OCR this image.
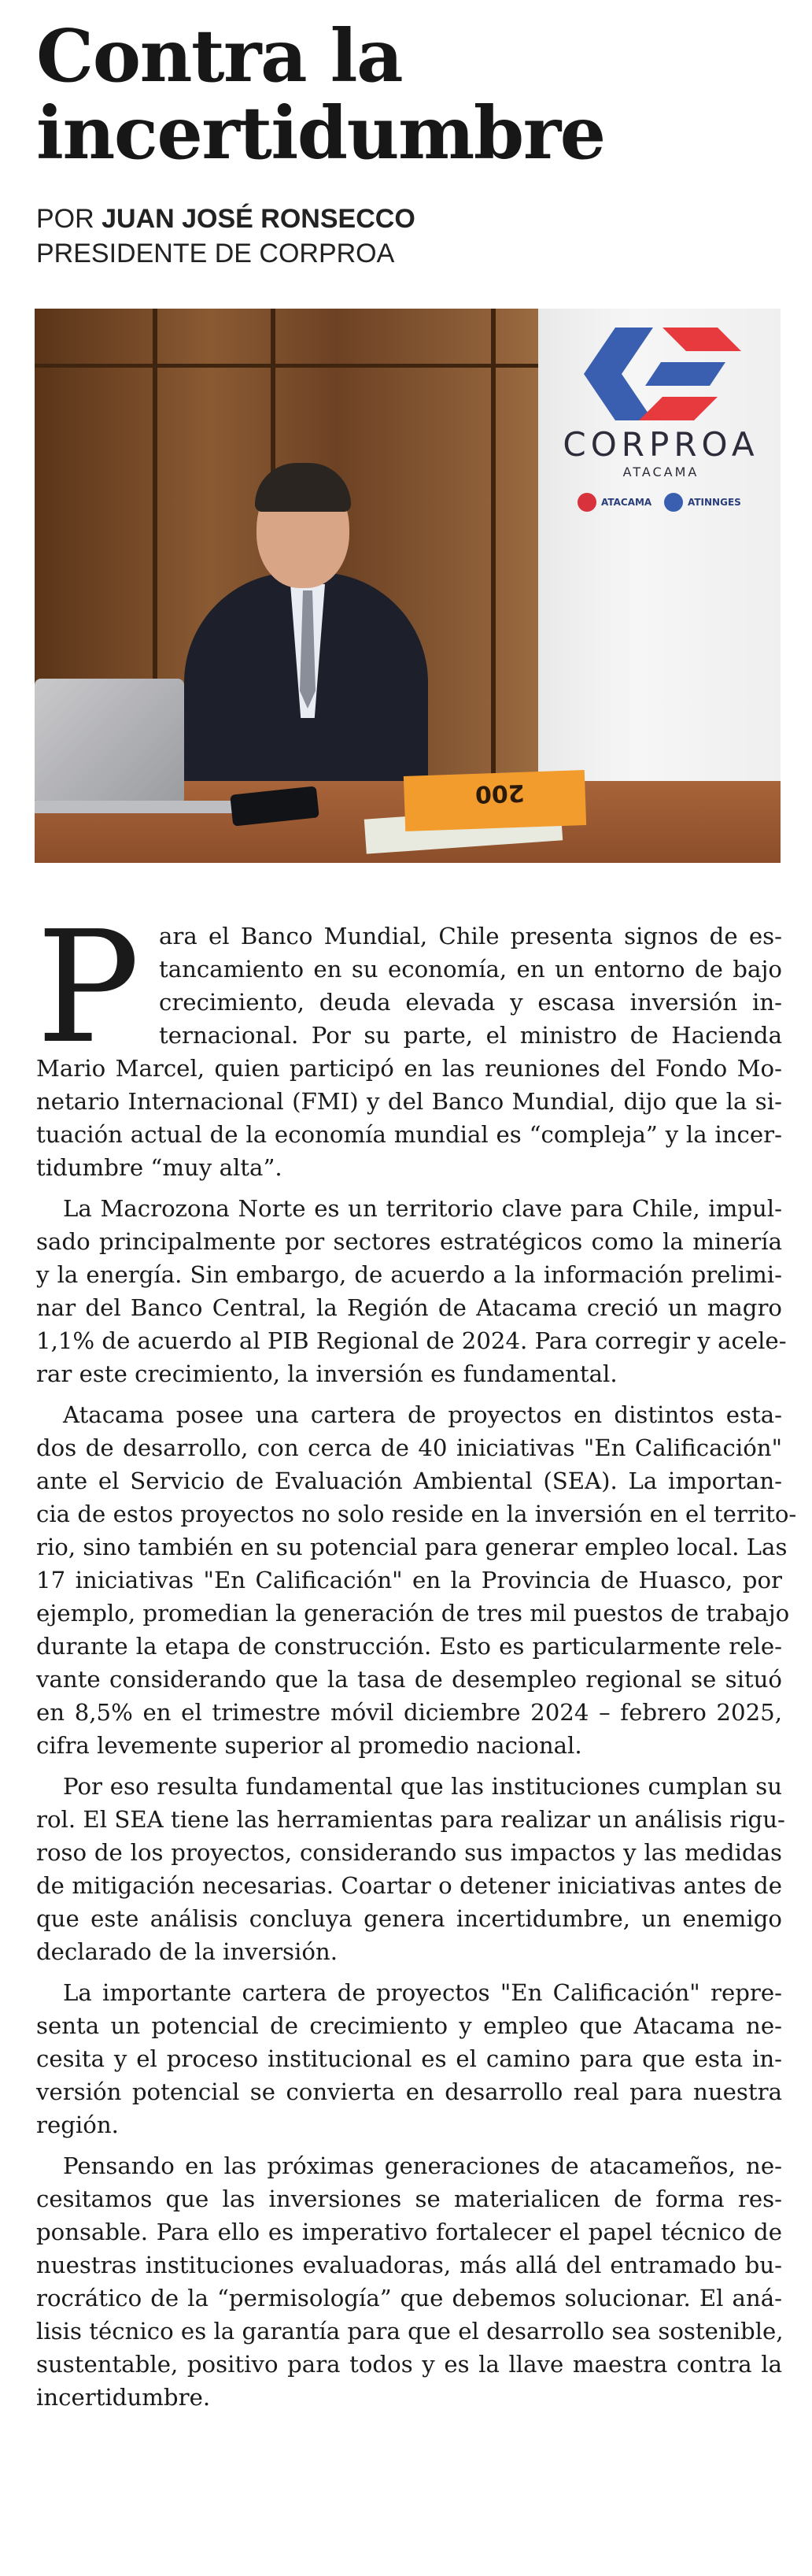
Contra la
incertidumbre
POR JUAN JOSÉ RONSECCO
PRESIDENTE DE CORPROA
CORPROA
ATACAMA
ATACAMA	ATINNGES
200
P ara el Banco Mundial, Chile presenta signos de es-
tancamiento en su economía, en un entorno de bajo
crecimiento, deuda elevada y escasa inversión in-
ternacional. Por su parte, el ministro de Hacienda
Mario Marcel, quien participó en las reuniones del Fondo Mo-
netario Internacional (FMI) y del Banco Mundial, dijo que la si-
tuación actual de la economía mundial es “compleja” y la incer-
tidumbre “muy alta”.
La Macrozona Norte es un territorio clave para Chile, impul-
sado principalmente por sectores estratégicos como la minería
y la energía. Sin embargo, de acuerdo a la información prelimi-
nar del Banco Central, la Región de Atacama creció un magro
1,1% de acuerdo al PIB Regional de 2024. Para corregir y acele-
rar este crecimiento, la inversión es fundamental.
Atacama posee una cartera de proyectos en distintos esta-
dos de desarrollo, con cerca de 40 iniciativas "En Calificación"
ante el Servicio de Evaluación Ambiental (SEA). La importan-
cia de estos proyectos no solo reside en la inversión en el territo-
rio, sino también en su potencial para generar empleo local. Las
17 iniciativas "En Calificación" en la Provincia de Huasco, por
ejemplo, promedian la generación de tres mil puestos de trabajo
durante la etapa de construcción. Esto es particularmente rele-
vante considerando que la tasa de desempleo regional se situó
en 8,5% en el trimestre móvil diciembre 2024 – febrero 2025,
cifra levemente superior al promedio nacional.
Por eso resulta fundamental que las instituciones cumplan su
rol. El SEA tiene las herramientas para realizar un análisis rigu-
roso de los proyectos, considerando sus impactos y las medidas
de mitigación necesarias. Coartar o detener iniciativas antes de
que este análisis concluya genera incertidumbre, un enemigo
declarado de la inversión.
La importante cartera de proyectos "En Calificación" repre-
senta un potencial de crecimiento y empleo que Atacama ne-
cesita y el proceso institucional es el camino para que esta in-
versión potencial se convierta en desarrollo real para nuestra
región.
Pensando en las próximas generaciones de atacameños, ne-
cesitamos que las inversiones se materialicen de forma res-
ponsable. Para ello es imperativo fortalecer el papel técnico de
nuestras instituciones evaluadoras, más allá del entramado bu-
rocrático de la “permisología” que debemos solucionar. El aná-
lisis técnico es la garantía para que el desarrollo sea sostenible,
sustentable, positivo para todos y es la llave maestra contra la
incertidumbre.
